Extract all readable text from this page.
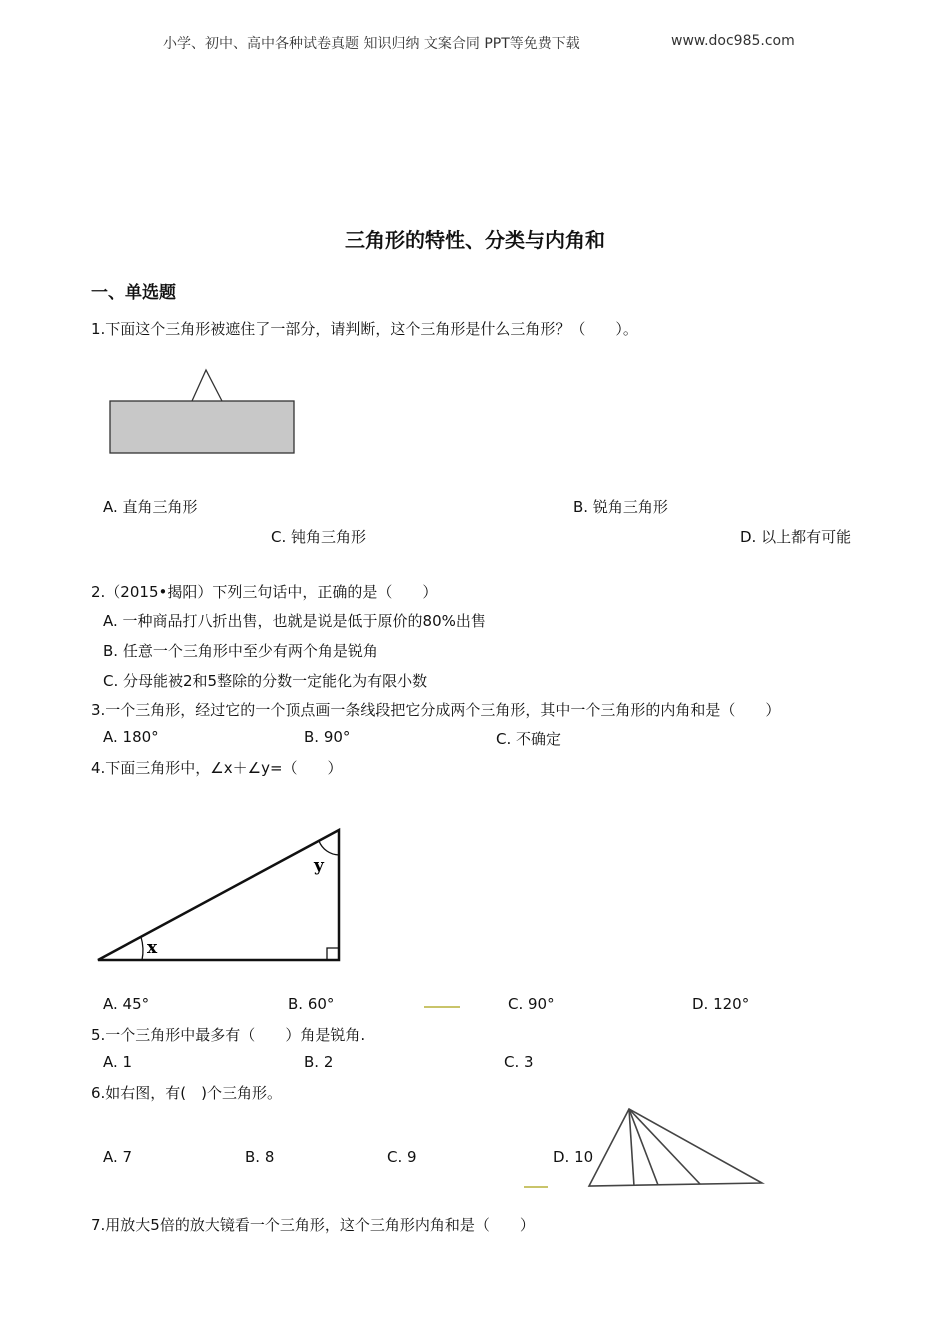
小学、初中、高中各种试卷真题 知识归纳 文案合同 PPT等免费下载	www.doc985.com
三角形的特性、分类与内角和
一、单选题
1.下面这个三角形被遮住了一部分，请判断，这个三角形是什么三角形？（　　）。
A. 直角三角形	B. 锐角三角形
C. 钝角三角形	D. 以上都有可能
2.（2015•揭阳）下列三句话中，正确的是（　　）
A. 一种商品打八折出售，也就是说是低于原价的80%出售
B. 任意一个三角形中至少有两个角是锐角
C. 分母能被2和5整除的分数一定能化为有限小数
3.一个三角形，经过它的一个顶点画一条线段把它分成两个三角形，其中一个三角形的内角和是（　　）
A. 180°	B. 90°	C. 不确定
4.下面三角形中，∠x＋∠y=（　　）
x
y
A. 45°	B. 60°	C. 90°	D. 120°
5.一个三角形中最多有（　　）角是锐角.
A. 1	B. 2	C. 3
6.如右图，有(　)个三角形。
A. 7	B. 8	C. 9	D. 10
7.用放大5倍的放大镜看一个三角形，这个三角形内角和是（　　）
